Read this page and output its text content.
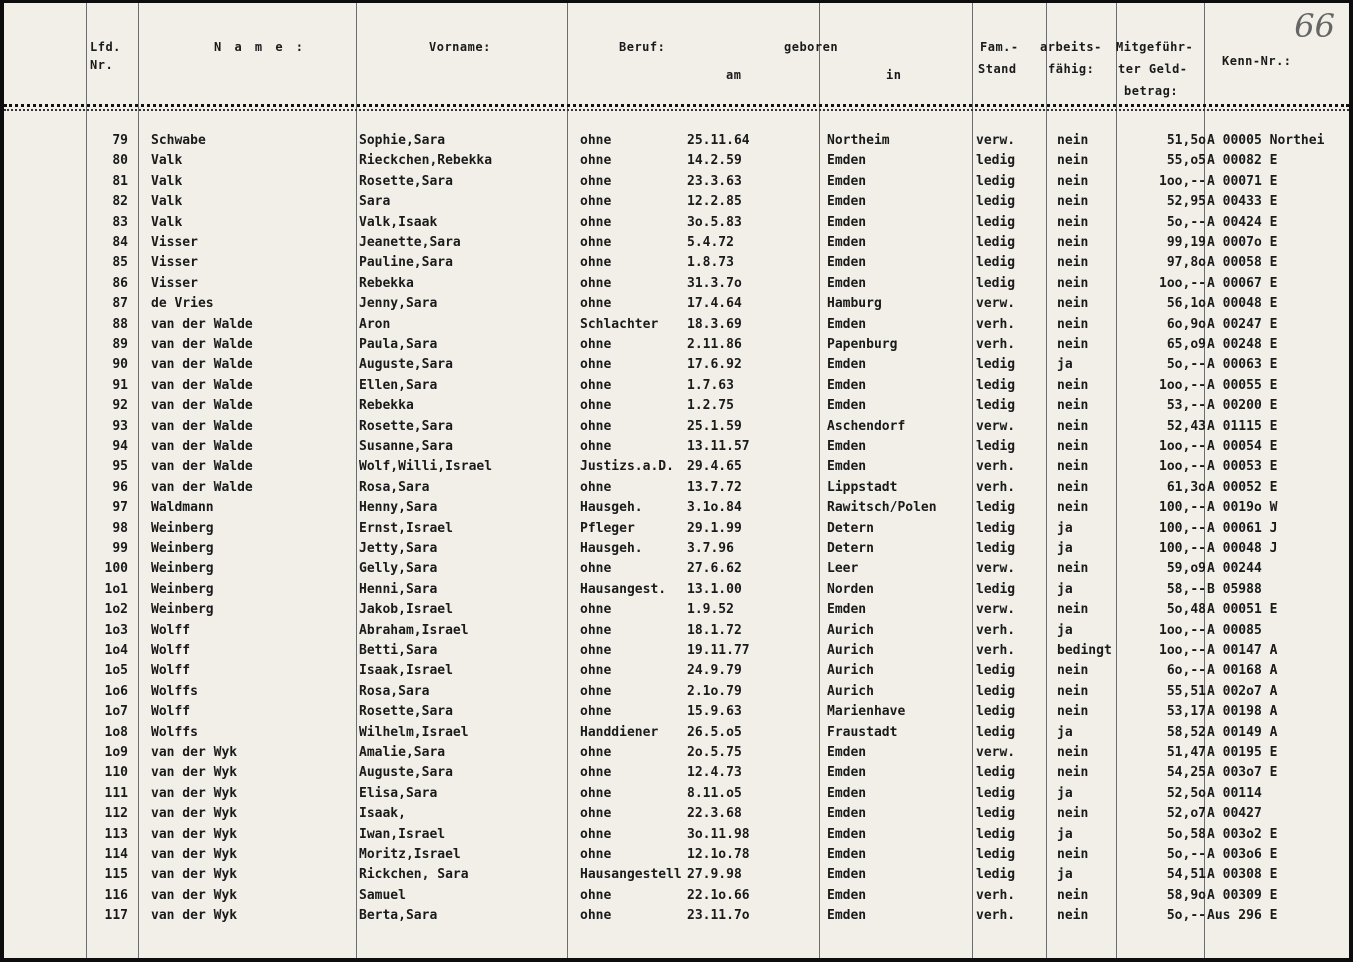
66
Lfd.
Nr.
N a m e :	Vorname:	Beruf:	geboren
am	in
Fam.-
Stand
arbeits-
fähig:
Mitgeführ-
ter Geld-
betrag:
Kenn-Nr.:
79 Schwabe	Sophie,Sara	ohne	25.11.64	Northeim	verw.	nein	51,5o A 00005 Northei
80 Valk	Rieckchen,Rebekka	ohne	14.2.59	Emden	ledig	nein	55,o5 A 00082 E
81 Valk	Rosette,Sara	ohne	23.3.63	Emden	ledig	nein	1oo,-- A 00071 E
82 Valk	Sara	ohne	12.2.85	Emden	ledig	nein	52,95 A 00433 E
83 Valk	Valk,Isaak	ohne	3o.5.83	Emden	ledig	nein	5o,-- A 00424 E
84 Visser	Jeanette,Sara	ohne	5.4.72	Emden	ledig	nein	99,19 A 0007o E
85 Visser	Pauline,Sara	ohne	1.8.73	Emden	ledig	nein	97,8o A 00058 E
86 Visser	Rebekka	ohne	31.3.7o	Emden	ledig	nein	1oo,-- A 00067 E
87 de Vries	Jenny,Sara	ohne	17.4.64	Hamburg	verw.	nein	56,1o A 00048 E
88 van der Walde	Aron	Schlachter 18.3.69	Emden	verh.	nein	6o,9o A 00247 E
89 van der Walde	Paula,Sara	ohne	2.11.86	Papenburg	verh.	nein	65,o9 A 00248 E
90 van der Walde	Auguste,Sara	ohne	17.6.92	Emden	ledig	ja	5o,-- A 00063 E
91 van der Walde	Ellen,Sara	ohne	1.7.63	Emden	ledig	nein	1oo,-- A 00055 E
92 van der Walde	Rebekka	ohne	1.2.75	Emden	ledig	nein	53,-- A 00200 E
93 van der Walde	Rosette,Sara	ohne	25.1.59	Aschendorf	verw.	nein	52,43 A 01115 E
94 van der Walde	Susanne,Sara	ohne	13.11.57	Emden	ledig	nein	1oo,-- A 00054 E
95 van der Walde	Wolf,Willi,Israel	Justizs.a.D. 29.4.65	Emden	verh.	nein	1oo,-- A 00053 E
96 van der Walde	Rosa,Sara	ohne	13.7.72	Lippstadt	verh.	nein	61,3o A 00052 E
97 Waldmann	Henny,Sara	Hausgeh.	3.1o.84	Rawitsch/Polen	ledig	nein	100,-- A 0019o W
98 Weinberg	Ernst,Israel	Pfleger	29.1.99	Detern	ledig	ja	100,-- A 00061 J
99 Weinberg	Jetty,Sara	Hausgeh.	3.7.96	Detern	ledig	ja	100,-- A 00048 J
100 Weinberg	Gelly,Sara	ohne	27.6.62	Leer	verw.	nein	59,o9 A 00244
1o1 Weinberg	Henni,Sara	Hausangest. 13.1.00	Norden	ledig	ja	58,-- B 05988
1o2 Weinberg	Jakob,Israel	ohne	1.9.52	Emden	verw.	nein	5o,48 A 00051 E
1o3 Wolff	Abraham,Israel	ohne	18.1.72	Aurich	verh.	ja	1oo,-- A 00085
1o4 Wolff	Betti,Sara	ohne	19.11.77	Aurich	verh.	bedingt	1oo,-- A 00147 A
1o5 Wolff	Isaak,Israel	ohne	24.9.79	Aurich	ledig	nein	6o,-- A 00168 A
1o6 Wolffs	Rosa,Sara	ohne	2.1o.79	Aurich	ledig	nein	55,51 A 002o7 A
1o7 Wolff	Rosette,Sara	ohne	15.9.63	Marienhave	ledig	nein	53,17 A 00198 A
1o8 Wolffs	Wilhelm,Israel	Handdiener 26.5.o5	Fraustadt	ledig	ja	58,52 A 00149 A
1o9 van der Wyk	Amalie,Sara	ohne	2o.5.75	Emden	verw.	nein	51,47 A 00195 E
110 van der Wyk	Auguste,Sara	ohne	12.4.73	Emden	ledig	nein	54,25 A 003o7 E
111 van der Wyk	Elisa,Sara	ohne	8.11.o5	Emden	ledig	ja	52,5o A 00114
112 van der Wyk	Isaak,	ohne	22.3.68	Emden	ledig	nein	52,o7 A 00427
113 van der Wyk	Iwan,Israel	ohne	3o.11.98	Emden	ledig	ja	5o,58 A 003o2 E
114 van der Wyk	Moritz,Israel	ohne	12.1o.78	Emden	ledig	nein	5o,-- A 003o6 E
115 van der Wyk	Rickchen, Sara	Hausangestell 27.9.98	Emden	ledig	ja	54,51 A 00308 E
116 van der Wyk	Samuel	ohne	22.1o.66	Emden	verh.	nein	58,9o A 00309 E
117 van der Wyk	Berta,Sara	ohne	23.11.7o	Emden	verh.	nein	5o,-- Aus 296 E
